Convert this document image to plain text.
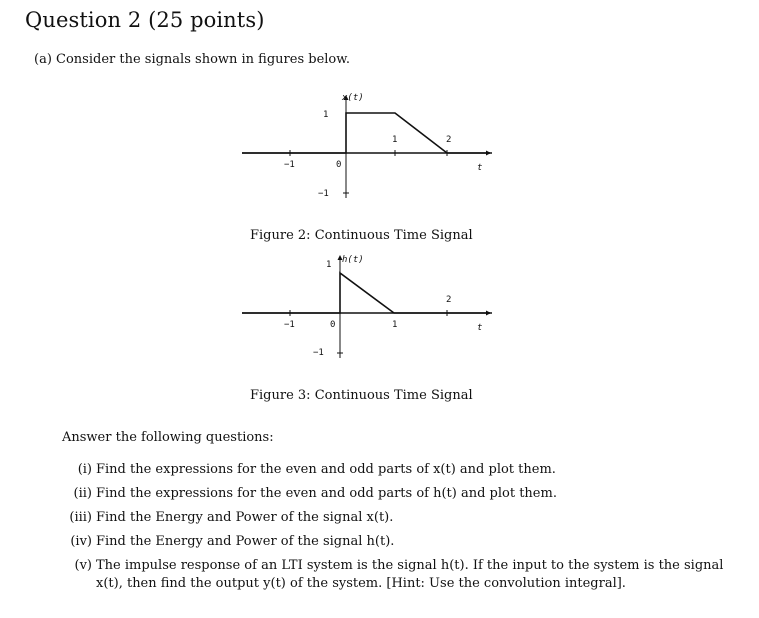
Question 2 (25 points)
(a) Consider the signals shown in figures below.
−1	0
1	2
t
1
−1
x(t)
Figure 2: Continuous Time Signal
−1	0	1
2
t
1
−1
h(t)
Figure 3: Continuous Time Signal
Answer the following questions:
(i) Find the expressions for the even and odd parts of x(t) and plot them.
(ii) Find the expressions for the even and odd parts of h(t) and plot them.
(iii) Find the Energy and Power of the signal x(t).
(iv) Find the Energy and Power of the signal h(t).
(v) The impulse response of an LTI system is the signal h(t). If the input to the system is the signal x(t), then find the output y(t) of the system. [Hint: Use the convolution integral].
